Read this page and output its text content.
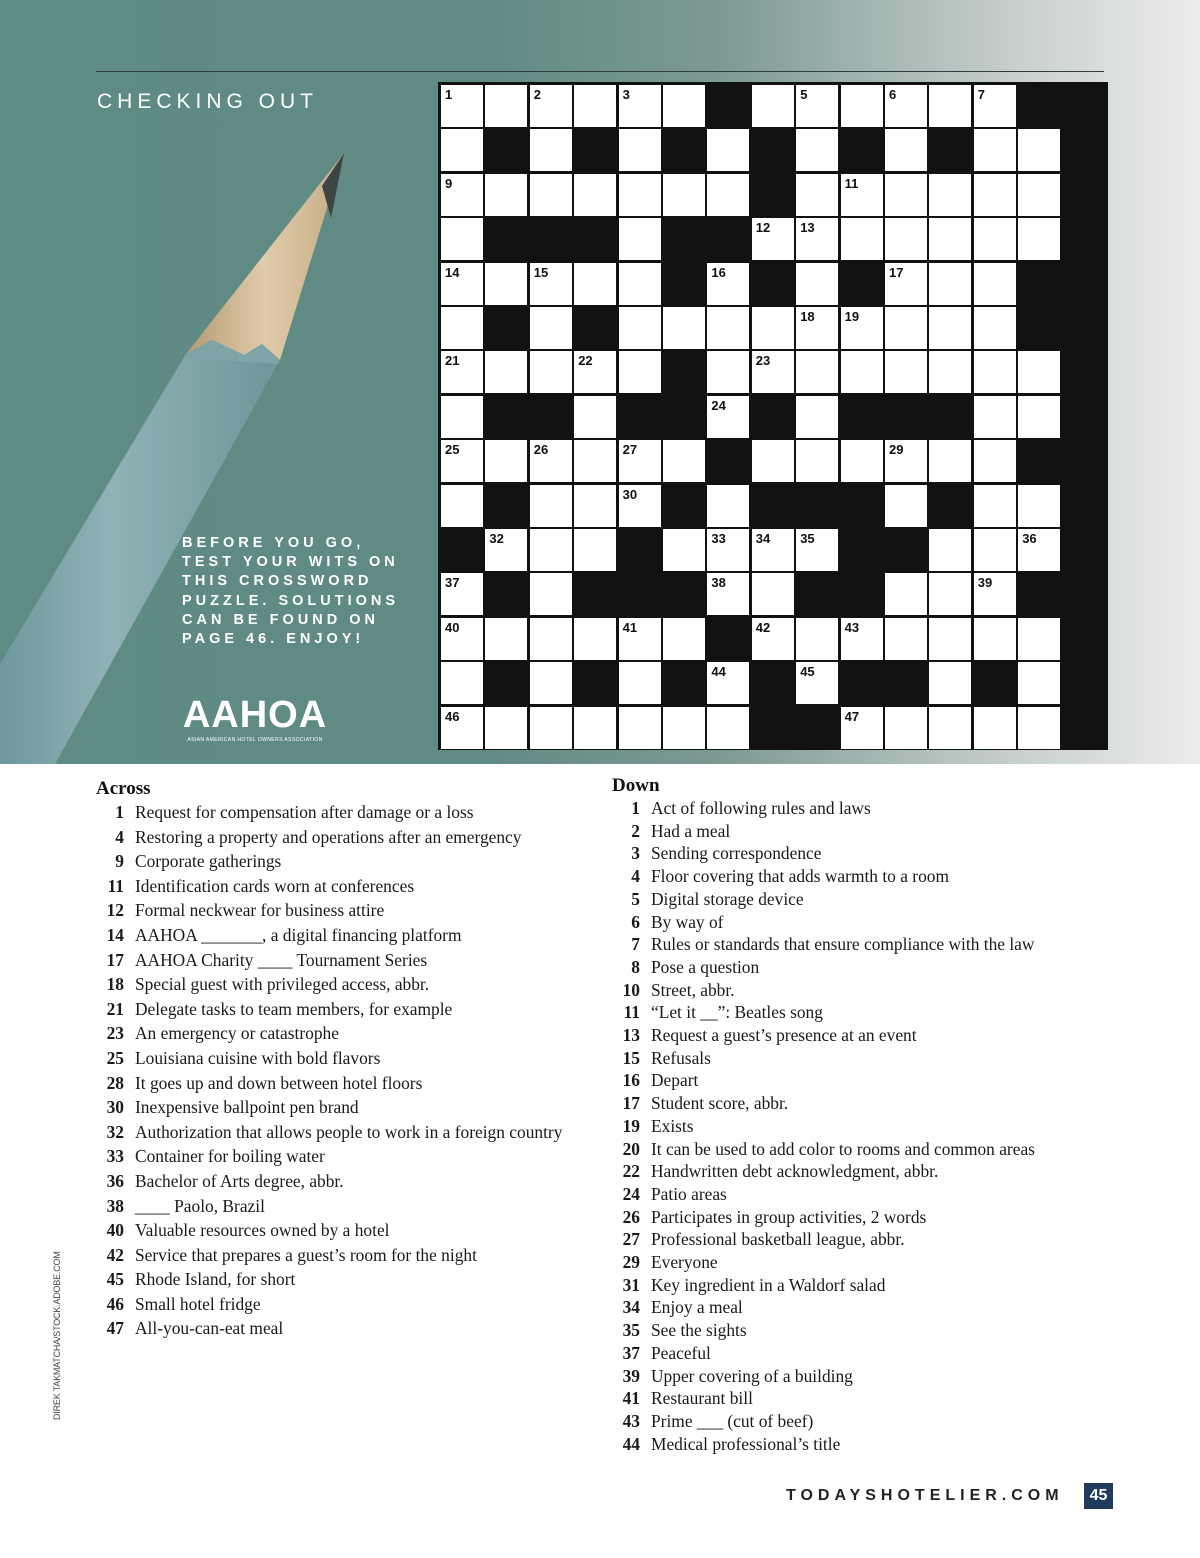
CHECKING OUT
BEFORE YOU GO,
TEST YOUR WITS ON
THIS CROSSWORD
PUZZLE. SOLUTIONS
CAN BE FOUND ON
PAGE 46. ENJOY!
AAHOA
ASIAN AMERICAN HOTEL OWNERS ASSOCIATION
1	2	3	4	5	6	7
9	10	11
12 13
14	15	16	17
18 19
21	22	23
24
25	26	27	28	29
30
32	33 34 35	36
37	38	39
40	41	42	43
44	45
46	47
Across
1 Request for compensation after damage or a loss
4 Restoring a property and operations after an emergency
9 Corporate gatherings
11 Identification cards worn at conferences
12 Formal neckwear for business attire
14 AAHOA _______, a digital financing platform
17 AAHOA Charity ____ Tournament Series
18 Special guest with privileged access, abbr.
21 Delegate tasks to team members, for example
23 An emergency or catastrophe
25 Louisiana cuisine with bold flavors
28 It goes up and down between hotel floors
30 Inexpensive ballpoint pen brand
32 Authorization that allows people to work in a foreign country
33 Container for boiling water
36 Bachelor of Arts degree, abbr.
38 ____ Paolo, Brazil
40 Valuable resources owned by a hotel
42 Service that prepares a guest’s room for the night
45 Rhode Island, for short
46 Small hotel fridge
47 All-you-can-eat meal
Down
1 Act of following rules and laws
2 Had a meal
3 Sending correspondence
4 Floor covering that adds warmth to a room
5 Digital storage device
6 By way of
7 Rules or standards that ensure compliance with the law
8 Pose a question
10 Street, abbr.
11 “Let it __”: Beatles song
13 Request a guest’s presence at an event
15 Refusals
16 Depart
17 Student score, abbr.
19 Exists
20 It can be used to add color to rooms and common areas
22 Handwritten debt acknowledgment, abbr.
24 Patio areas
26 Participates in group activities, 2 words
27 Professional basketball league, abbr.
29 Everyone
31 Key ingredient in a Waldorf salad
34 Enjoy a meal
35 See the sights
37 Peaceful
39 Upper covering of a building
41 Restaurant bill
43 Prime ___ (cut of beef)
44 Medical professional’s title
DIREK TAKMATCHA/STOCK.ADOBE.COM
TODAYSHOTELIER.COM	45
